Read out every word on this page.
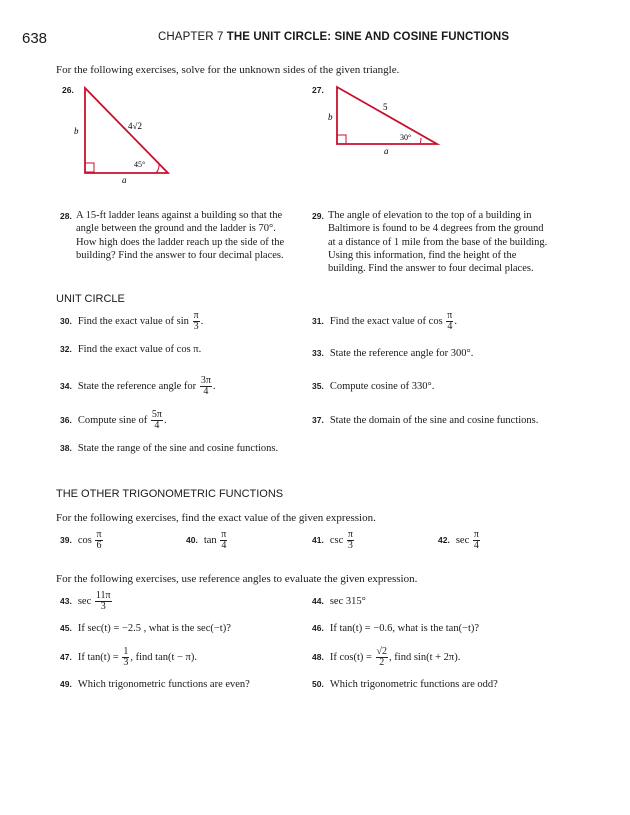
638	CHAPTER 7 THE UNIT CIRCLE: SINE AND COSINE FUNCTIONS
For the following exercises, solve for the unknown sides of the given triangle.
26.
b
a
4√2
45°
27.
b
a
5
30°
28. A 15-ft ladder leans against a building so that the
angle between the ground and the ladder is 70°.
How high does the ladder reach up the side of the
building? Find the answer to four decimal places.
29. The angle of elevation to the top of a building in
Baltimore is found to be 4 degrees from the ground
at a distance of 1 mile from the base of the building.
Using this information, find the height of the
building. Find the answer to four decimal places.
UNIT CIRCLE
30. Find the exact value of $\sin \frac{\pi}{3}$ .	31. Find the exact value of $\cos \frac{\pi}{4}$ .
32. Find the exact value of cos π.	33. State the reference angle for 300°.
34. State the reference angle for $\frac{3\pi}{4}$ .	35. Compute cosine of 330°.
36. Compute sine of $\frac{5\pi}{4}$ .	37. State the domain of the sine and cosine functions.
38. State the range of the sine and cosine functions.
THE OTHER TRIGONOMETRIC FUNCTIONS
For the following exercises, find the exact value of the given expression.
39. $\cos \frac{\pi}{6}$	40. $\tan \frac{\pi}{4}$	41. $\csc \frac{\pi}{3}$	42. $\sec \frac{\pi}{4}$
For the following exercises, use reference angles to evaluate the given expression.
43. $\sec \frac{11\pi}{3}$	44. sec 315°
45. If sec(t) = −2.5 , what is the sec(−t)?	46. If tan(t) = −0.6, what is the tan(−t)?
47. If $\tan(t) = \frac{1}{3}$ , find tan(t − π).	48. If $\cos(t) = \frac{√2}{2}$ , find sin(t + 2π).
49. Which trigonometric functions are even?	50. Which trigonometric functions are odd?
